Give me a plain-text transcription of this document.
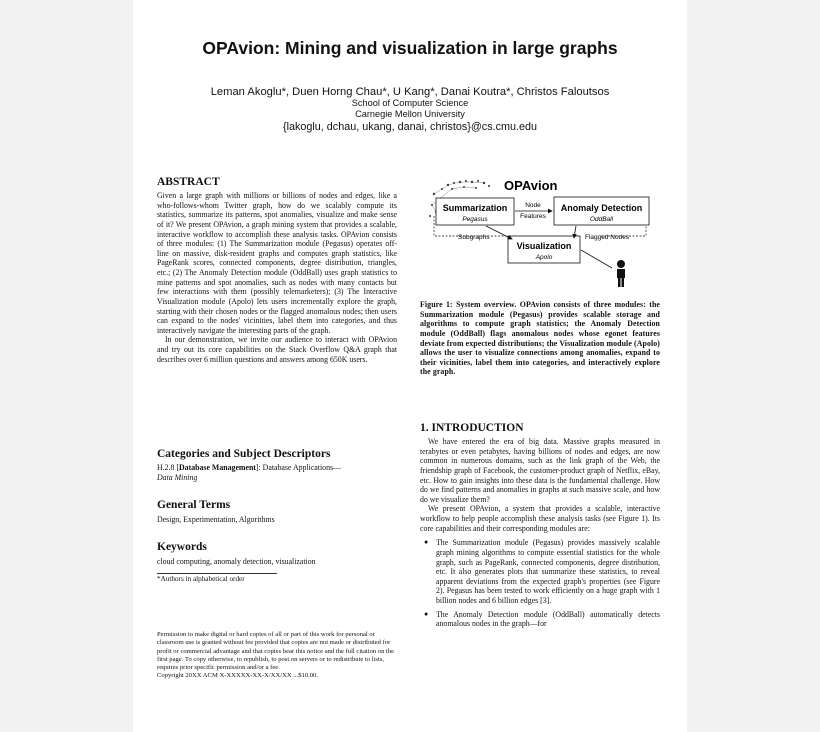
OPAvion: Mining and visualization in large graphs
Leman Akoglu*, Duen Horng Chau*, U Kang*, Danai Koutra*, Christos Faloutsos
School of Computer Science
Carnegie Mellon University
{lakoglu, dchau, ukang, danai, christos}@cs.cmu.edu
ABSTRACT

Given a large graph with millions or billions of nodes and edges, like a who-follows-whom Twitter graph, how do we scalably compute its statistics, summarize its patterns, spot anomalies, visualize and make sense of it? We present OPAvion, a graph mining system that provides a scalable, interactive workflow to accomplish these analysis tasks. OPAvion consists of three modules: (1) The Summarization module (Pegasus) operates off-line on massive, disk-resident graphs and computes graph statistics, like PageRank scores, connected components, degree distribution, triangles, etc.; (2) The Anomaly Detection module (OddBall) uses graph statistics to mine patterns and spot anomalies, such as nodes with many contacts but few interactions with them (possibly telemarketers); (3) The Interactive Visualization module (Apolo) lets users incrementally explore the graph, starting with their chosen nodes or the flagged anomalous nodes; then users can expand to the nodes' vicinities, label them into categories, and thus interactively navigate the interesting parts of the graph.

In our demonstration, we invite our audience to interact with OPAvion and try out its core capabilities on the Stack Overflow Q&A graph that describes over 6 million questions and answers among 650K users.

Categories and Subject Descriptors
H.2.8 [Database Management]: Database Applications—
Data Mining
General Terms
Design, Experimentation, Algorithms
Keywords
cloud computing, anomaly detection, visualization
*Authors in alphabetical order
Permission to make digital or hard copies of all or part of this work for personal or classroom use is granted without fee provided that copies are not made or distributed for profit or commercial advantage and that copies bear this notice and the full citation on the first page. To copy otherwise, to republish, to post on servers or to redistribute to lists, requires prior specific permission and/or a fee.
Copyright 20XX ACM X-XXXXX-XX-X/XX/XX ...$10.00.
OPAvion
Summarization
Pegasus
Anomaly Detection
OddBall
Visualization
Apolo
Node
Features
Subgraphs	Flagged Nodes
Figure 1: System overview. OPAvion consists of three modules: the Summarization module (Pegasus) provides scalable storage and algorithms to compute graph statistics; the Anomaly Detection module (OddBall) flags anomalous nodes whose egonet features deviate from expected distributions; the Visualization module (Apolo) allows the user to visualize connections among anomalies, expand to their vicinities, label them into categories, and interactively explore the graph.
1. INTRODUCTION

We have entered the era of big data. Massive graphs measured in terabytes or even petabytes, having billions of nodes and edges, are now common in numerous domains, such as the link graph of the Web, the friendship graph of Facebook, the customer-product graph of Netflix, eBay, etc. How to gain insights into these data is the fundamental challenge. How do we find patterns and anomalies in graphs at such massive scale, and how do we visualize them?

We present OPAvion, a system that provides a scalable, interactive workflow to help people accomplish these analysis tasks (see Figure 1). Its core capabilities and their corresponding modules are:

● The Summarization module (Pegasus) provides massively scalable graph mining algorithms to compute essential statistics for the whole graph, such as PageRank, connected components, degree distribution, etc. It also generates plots that summarize these statistics, to reveal apparent deviations from the expected graph's properties (see Figure 2). Pegasus has been tested to work efficiently on a huge graph with 1 billion nodes and 6 billion edges [3].
● The Anomaly Detection module (OddBall) automatically detects anomalous nodes in the graph—for
